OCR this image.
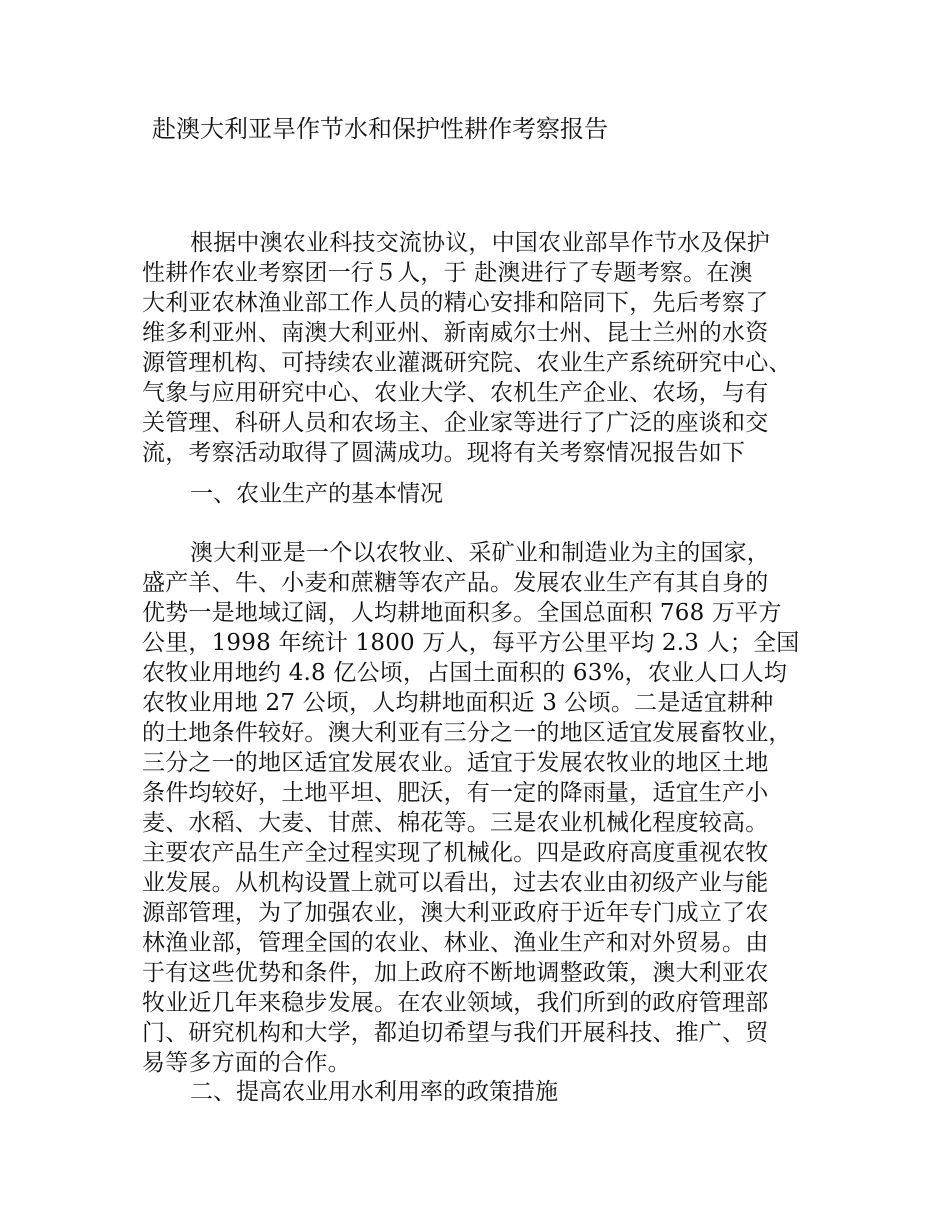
赴澳大利亚旱作节水和保护性耕作考察报告
根据中澳农业科技交流协议，中国农业部旱作节水及保护
性耕作农业考察团一行５人，于 赴澳进行了专题考察。在澳
大利亚农林渔业部工作人员的精心安排和陪同下，先后考察了
维多利亚州、南澳大利亚州、新南威尔士州、昆士兰州的水资
源管理机构、可持续农业灌溉研究院、农业生产系统研究中心、
气象与应用研究中心、农业大学、农机生产企业、农场，与有
关管理、科研人员和农场主、企业家等进行了广泛的座谈和交
流，考察活动取得了圆满成功。现将有关考察情况报告如下
一、农业生产的基本情况
澳大利亚是一个以农牧业、采矿业和制造业为主的国家，
盛产羊、牛、小麦和蔗糖等农产品。发展农业生产有其自身的
优势一是地域辽阔，人均耕地面积多。全国总面积 768 万平方
公里，1998 年统计 1800 万人，每平方公里平均 2.3 人；全国
农牧业用地约 4.8 亿公顷，占国土面积的 63%，农业人口人均
农牧业用地 27 公顷，人均耕地面积近 3 公顷。二是适宜耕种
的土地条件较好。澳大利亚有三分之一的地区适宜发展畜牧业，
三分之一的地区适宜发展农业。适宜于发展农牧业的地区土地
条件均较好，土地平坦、肥沃，有一定的降雨量，适宜生产小
麦、水稻、大麦、甘蔗、棉花等。三是农业机械化程度较高。
主要农产品生产全过程实现了机械化。四是政府高度重视农牧
业发展。从机构设置上就可以看出，过去农业由初级产业与能
源部管理，为了加强农业，澳大利亚政府于近年专门成立了农
林渔业部，管理全国的农业、林业、渔业生产和对外贸易。由
于有这些优势和条件，加上政府不断地调整政策，澳大利亚农
牧业近几年来稳步发展。在农业领域，我们所到的政府管理部
门、研究机构和大学，都迫切希望与我们开展科技、推广、贸
易等多方面的合作。
二、提高农业用水利用率的政策措施
